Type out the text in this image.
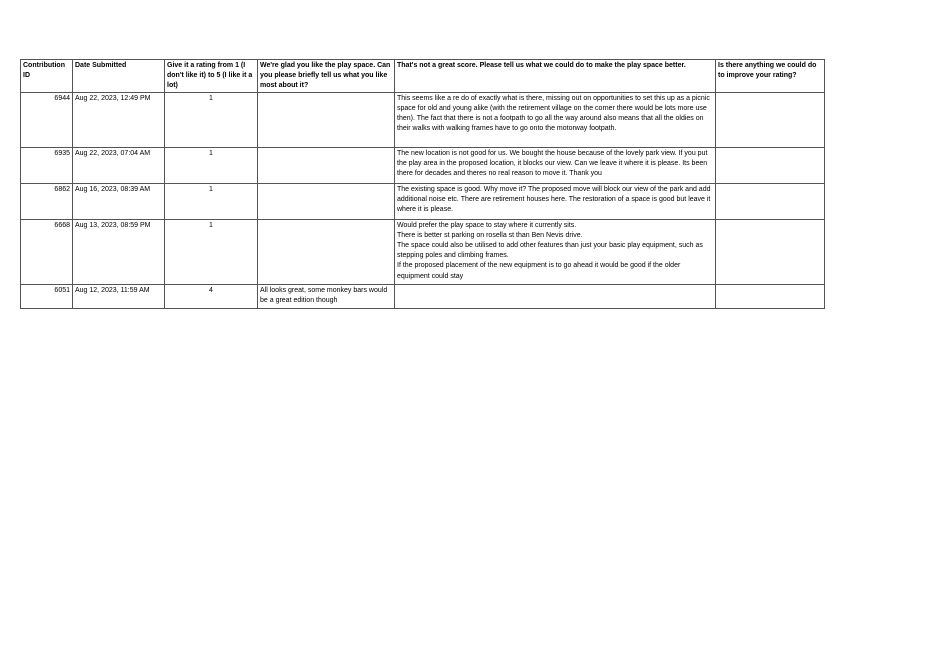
Contribution ID	Date Submitted	Give it a rating from 1 (I don't like it) to 5 (I like it a lot)	We're glad you like the play space. Can you please briefly tell us what you like most about it?	That's not a great score. Please tell us what we could do to make the play space better.	Is there anything we could do to improve your rating?
6944	Aug 22, 2023, 12:49 PM	1		This seems like a re do of exactly what is there, missing out on opportunities to set this up as a picnic space for old and young alike (with the retirement village on the corner there would be lots more use then). The fact that there is not a footpath to go all the way around also means that all the oldies on their walks with walking frames have to go onto the motorway footpath.	
6935	Aug 22, 2023, 07:04 AM	1		The new location is not good for us. We bought the house because of the lovely park view. If you put the play area in the proposed location, it blocks our view. Can we leave it where it is please. Its been there for decades and theres no real reason to move it. Thank you	
6862	Aug 16, 2023, 08:39 AM	1		The existing space is good. Why move it? The proposed move will block our view of the park and add additional noise etc. There are retirement houses here. The restoration of a space is good but leave it where it is please.	
6668	Aug 13, 2023, 08:59 PM	1		Would prefer the play space to stay where it currently sits.
There is better st parking on rosella st than Ben Nevis drive.
The space could also be utilised to add other features than just your basic play equipment, such as stepping poles and climbing frames.
If the proposed placement of the new equipment is to go ahead it would be good if the older equipment could stay	
6051	Aug 12, 2023, 11:59 AM	4	All looks great, some monkey bars would be a great edition though		
